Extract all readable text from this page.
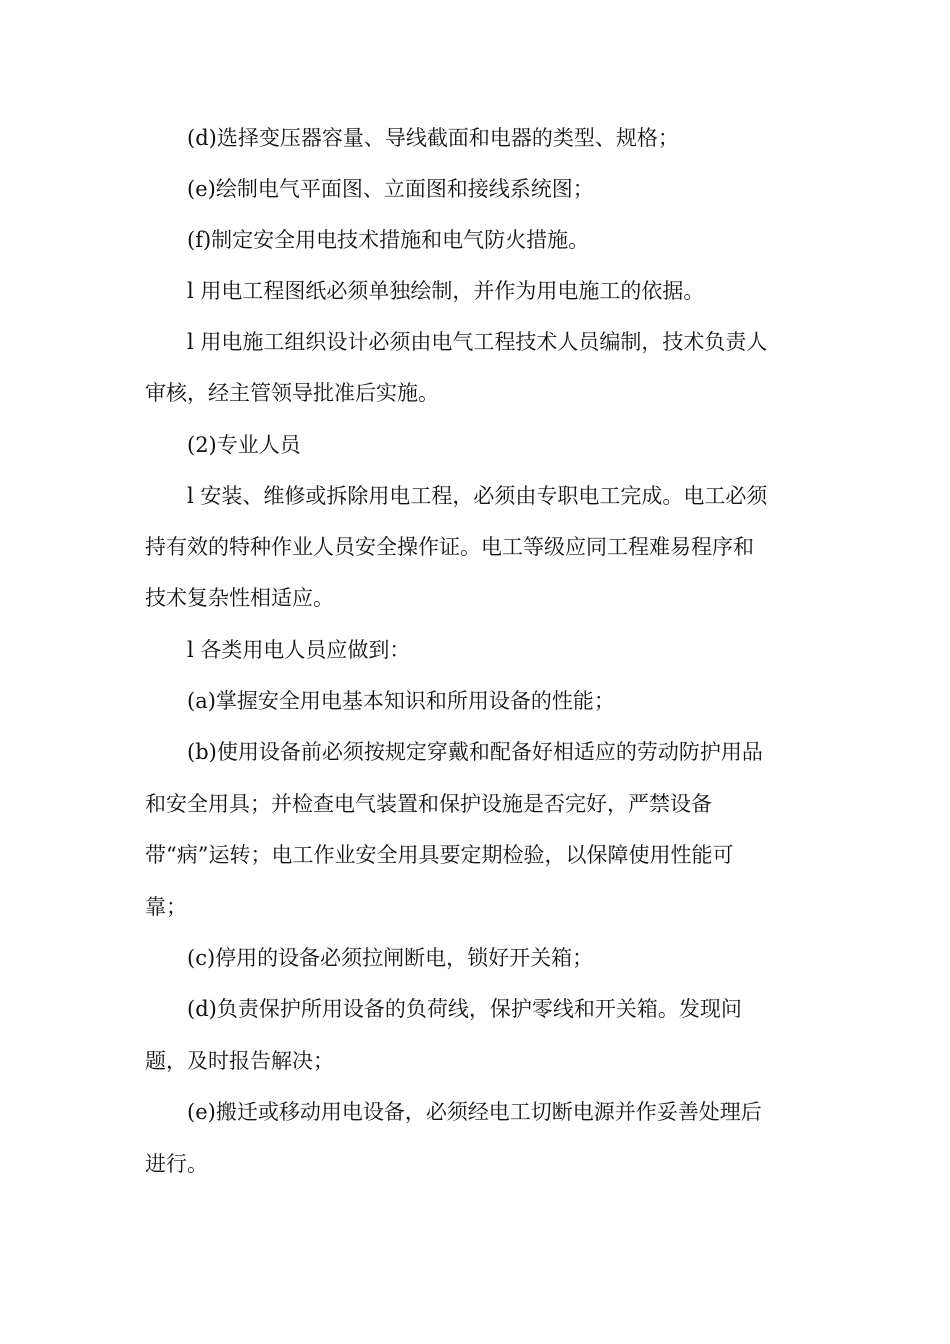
(d)选择变压器容量、导线截面和电器的类型、规格；
(e)绘制电气平面图、立面图和接线系统图；
(f)制定安全用电技术措施和电气防火措施。
l 用电工程图纸必须单独绘制，并作为用电施工的依据。
l 用电施工组织设计必须由电气工程技术人员编制，技术负责人
审核，经主管领导批准后实施。
(2)专业人员
l 安装、维修或拆除用电工程，必须由专职电工完成。电工必须
持有效的特种作业人员安全操作证。电工等级应同工程难易程序和
技术复杂性相适应。
l 各类用电人员应做到：
(a)掌握安全用电基本知识和所用设备的性能；
(b)使用设备前必须按规定穿戴和配备好相适应的劳动防护用品
和安全用具；并检查电气装置和保护设施是否完好，严禁设备
带“病”运转；电工作业安全用具要定期检验，以保障使用性能可
靠；
(c)停用的设备必须拉闸断电，锁好开关箱；
(d)负责保护所用设备的负荷线，保护零线和开关箱。发现问
题，及时报告解决；
(e)搬迁或移动用电设备，必须经电工切断电源并作妥善处理后
进行。
